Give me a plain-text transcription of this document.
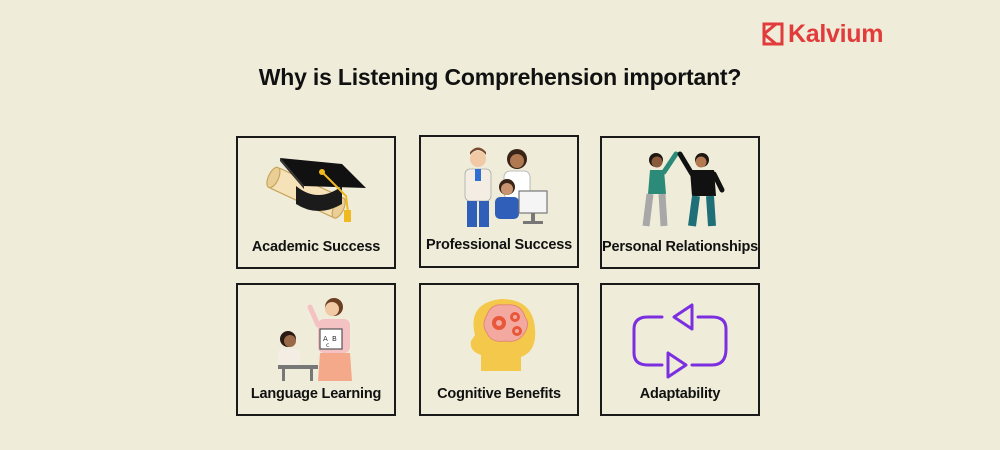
Kalvium
Why is Listening Comprehension important?
Academic Success	Professional Success	Personal Relationships
A B
c
Language Learning	Cognitive Benefits	Adaptability
